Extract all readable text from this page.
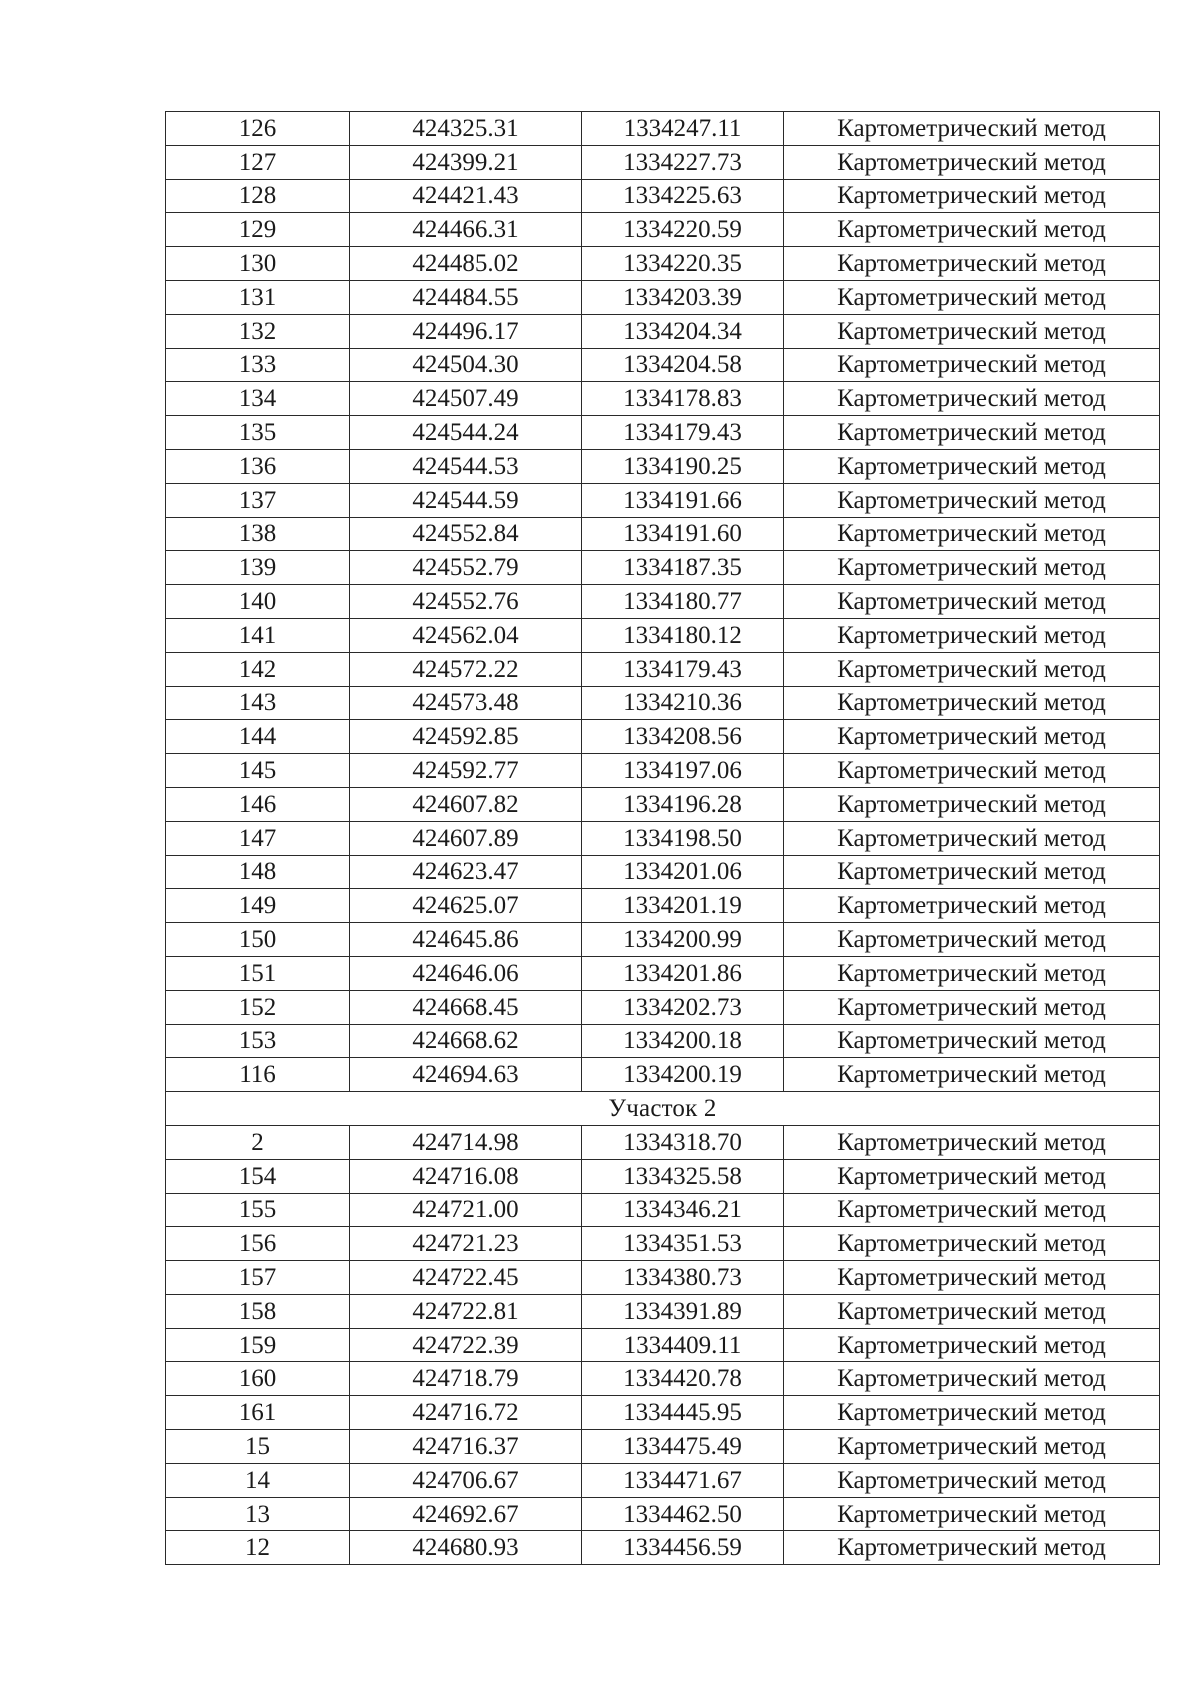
126	424325.31	1334247.11	Картометрический метод
127	424399.21	1334227.73	Картометрический метод
128	424421.43	1334225.63	Картометрический метод
129	424466.31	1334220.59	Картометрический метод
130	424485.02	1334220.35	Картометрический метод
131	424484.55	1334203.39	Картометрический метод
132	424496.17	1334204.34	Картометрический метод
133	424504.30	1334204.58	Картометрический метод
134	424507.49	1334178.83	Картометрический метод
135	424544.24	1334179.43	Картометрический метод
136	424544.53	1334190.25	Картометрический метод
137	424544.59	1334191.66	Картометрический метод
138	424552.84	1334191.60	Картометрический метод
139	424552.79	1334187.35	Картометрический метод
140	424552.76	1334180.77	Картометрический метод
141	424562.04	1334180.12	Картометрический метод
142	424572.22	1334179.43	Картометрический метод
143	424573.48	1334210.36	Картометрический метод
144	424592.85	1334208.56	Картометрический метод
145	424592.77	1334197.06	Картометрический метод
146	424607.82	1334196.28	Картометрический метод
147	424607.89	1334198.50	Картометрический метод
148	424623.47	1334201.06	Картометрический метод
149	424625.07	1334201.19	Картометрический метод
150	424645.86	1334200.99	Картометрический метод
151	424646.06	1334201.86	Картометрический метод
152	424668.45	1334202.73	Картометрический метод
153	424668.62	1334200.18	Картометрический метод
116	424694.63	1334200.19	Картометрический метод
Участок 2			
2	424714.98	1334318.70	Картометрический метод
154	424716.08	1334325.58	Картометрический метод
155	424721.00	1334346.21	Картометрический метод
156	424721.23	1334351.53	Картометрический метод
157	424722.45	1334380.73	Картометрический метод
158	424722.81	1334391.89	Картометрический метод
159	424722.39	1334409.11	Картометрический метод
160	424718.79	1334420.78	Картометрический метод
161	424716.72	1334445.95	Картометрический метод
15	424716.37	1334475.49	Картометрический метод
14	424706.67	1334471.67	Картометрический метод
13	424692.67	1334462.50	Картометрический метод
12	424680.93	1334456.59	Картометрический метод
